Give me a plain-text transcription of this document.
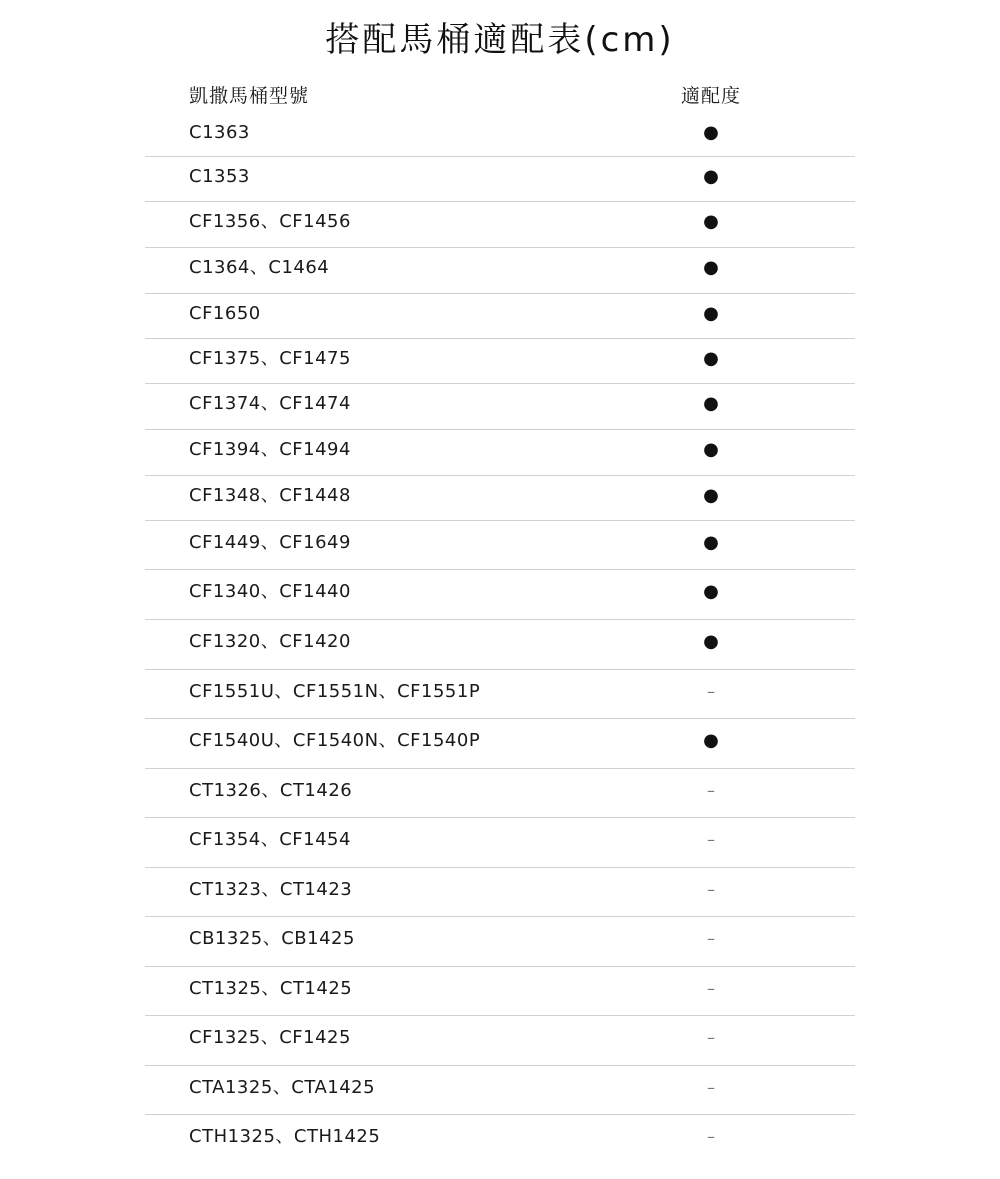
搭配馬桶適配表(cm)
凱撒馬桶型號	適配度
C1363	●
C1353	●
CF1356、CF1456	●
C1364、C1464	●
CF1650	●
CF1375、CF1475	●
CF1374、CF1474	●
CF1394、CF1494	●
CF1348、CF1448	●
CF1449、CF1649	●
CF1340、CF1440	●
CF1320、CF1420	●
CF1551U、CF1551N、CF1551P	–
CF1540U、CF1540N、CF1540P	●
CT1326、CT1426	–
CF1354、CF1454	–
CT1323、CT1423	–
CB1325、CB1425	–
CT1325、CT1425	–
CF1325、CF1425	–
CTA1325、CTA1425	–
CTH1325、CTH1425	–
